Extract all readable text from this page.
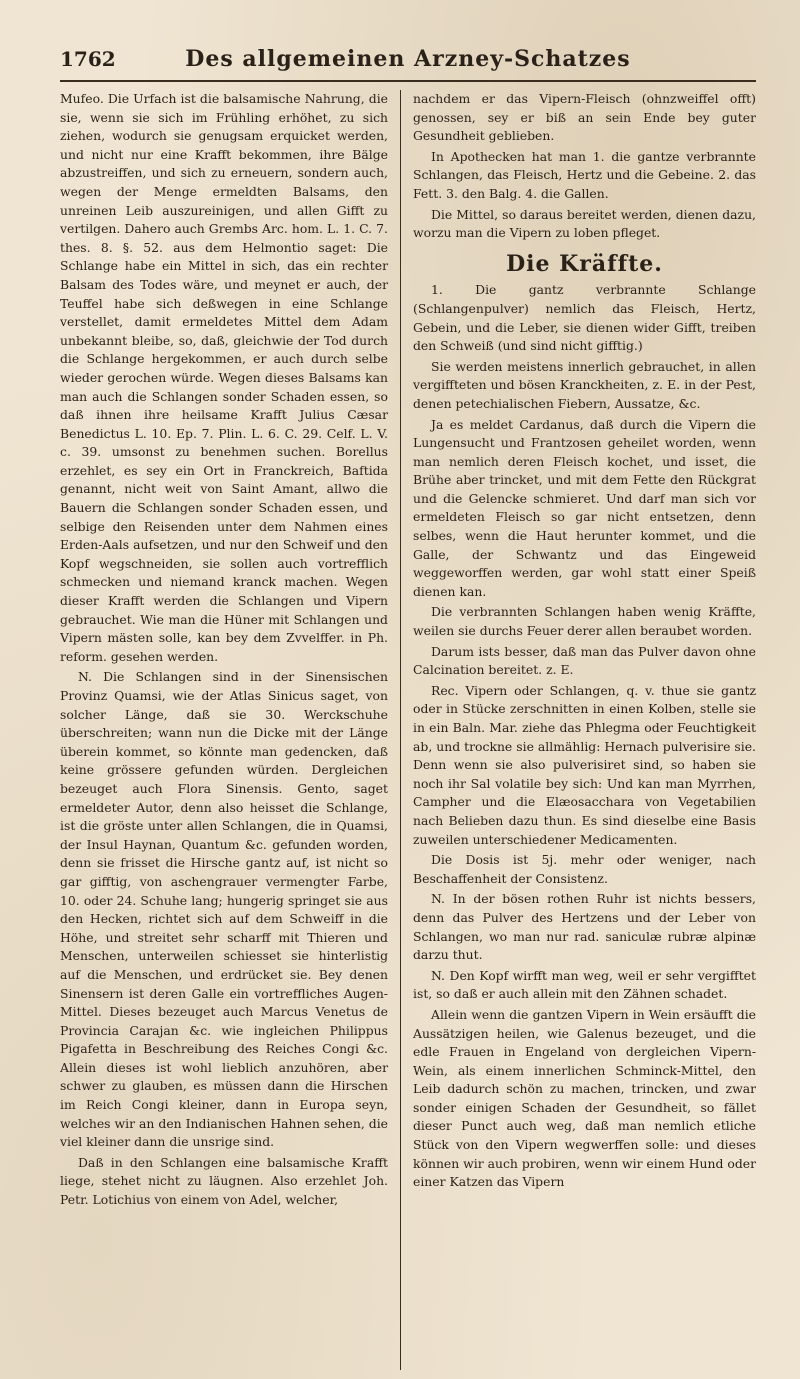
1762	Des allgemeinen Arzney-Schatzes

Mufeo. Die Urfach ist die balsamische Nahrung, die sie, wenn sie sich im Frühling erhöhet, zu sich ziehen, wodurch sie genugsam erquicket werden, und nicht nur eine Krafft bekommen, ihre Bälge abzustreiffen, und sich zu erneuern, sondern auch, wegen der Menge ermeldten Balsams, den unreinen Leib auszureinigen, und allen Gifft zu vertilgen. Dahero auch Grembs Arc. hom. L. 1. C. 7. thes. 8. §. 52. aus dem Helmontio saget: Die Schlange habe ein Mittel in sich, das ein rechter Balsam des Todes wäre, und meynet er auch, der Teuffel habe sich deßwegen in eine Schlange verstellet, damit ermeldetes Mittel dem Adam unbekannt bleibe, so, daß, gleichwie der Tod durch die Schlange hergekommen, er auch durch selbe wieder gerochen würde. Wegen dieses Balsams kan man auch die Schlangen sonder Schaden essen, so daß ihnen ihre heilsame Krafft Julius Cæsar Benedictus L. 10. Ep. 7. Plin. L. 6. C. 29. Celf. L. V. c. 39. umsonst zu benehmen suchen. Borellus erzehlet, es sey ein Ort in Franckreich, Baftida genannt, nicht weit von Saint Amant, allwo die Bauern die Schlangen sonder Schaden essen, und selbige den Reisenden unter dem Nahmen eines Erden-Aals aufsetzen, und nur den Schweif und den Kopf wegschneiden, sie sollen auch vortrefflich schmecken und niemand kranck machen. Wegen dieser Krafft werden die Schlangen und Vipern gebrauchet. Wie man die Hüner mit Schlangen und Vipern mästen solle, kan bey dem Zvvelffer. in Ph. reform. gesehen werden.

N. Die Schlangen sind in der Sinensischen Provinz Quamsi, wie der Atlas Sinicus saget, von solcher Länge, daß sie 30. Werckschuhe überschreiten; wann nun die Dicke mit der Länge überein kommet, so könnte man gedencken, daß keine grössere gefunden würden. Dergleichen bezeuget auch Flora Sinensis. Gento, saget ermeldeter Autor, denn also heisset die Schlange, ist die gröste unter allen Schlangen, die in Quamsi, der Insul Haynan, Quantum &c. gefunden worden, denn sie frisset die Hirsche gantz auf, ist nicht so gar gifftig, von aschengrauer vermengter Farbe, 10. oder 24. Schuhe lang; hungerig springet sie aus den Hecken, richtet sich auf dem Schweiff in die Höhe, und streitet sehr scharff mit Thieren und Menschen, unterweilen schiesset sie hinterlistig auf die Menschen, und erdrücket sie. Bey denen Sinensern ist deren Galle ein vortreffliches Augen-Mittel. Dieses bezeuget auch Marcus Venetus de Provincia Carajan &c. wie ingleichen Philippus Pigafetta in Beschreibung des Reiches Congi &c. Allein dieses ist wohl lieblich anzuhören, aber schwer zu glauben, es müssen dann die Hirschen im Reich Congi kleiner, dann in Europa seyn, welches wir an den Indianischen Hahnen sehen, die viel kleiner dann die unsrige sind.

Daß in den Schlangen eine balsamische Krafft liege, stehet nicht zu läugnen. Also erzehlet Joh. Petr. Lotichius von einem von Adel, welcher,

nachdem er das Vipern-Fleisch (ohnzweiffel offt) genossen, sey er biß an sein Ende bey guter Gesundheit geblieben.

In Apothecken hat man 1. die gantze verbrannte Schlangen, das Fleisch, Hertz und die Gebeine. 2. das Fett. 3. den Balg. 4. die Gallen.

Die Mittel, so daraus bereitet werden, dienen dazu, worzu man die Vipern zu loben pfleget.

Die Kräffte.

1. Die gantz verbrannte Schlange (Schlangenpulver) nemlich das Fleisch, Hertz, Gebein, und die Leber, sie dienen wider Gifft, treiben den Schweiß (und sind nicht gifftig.)

Sie werden meistens innerlich gebrauchet, in allen vergiffteten und bösen Kranckheiten, z. E. in der Pest, denen petechialischen Fiebern, Aussatze, &c.

Ja es meldet Cardanus, daß durch die Vipern die Lungensucht und Frantzosen geheilet worden, wenn man nemlich deren Fleisch kochet, und isset, die Brühe aber trincket, und mit dem Fette den Rückgrat und die Gelencke schmieret. Und darf man sich vor ermeldeten Fleisch so gar nicht entsetzen, denn selbes, wenn die Haut herunter kommet, und die Galle, der Schwantz und das Eingeweid weggeworffen werden, gar wohl statt einer Speiß dienen kan.

Die verbrannten Schlangen haben wenig Kräffte, weilen sie durchs Feuer derer allen beraubet worden.

Darum ists besser, daß man das Pulver davon ohne Calcination bereitet. z. E.

Rec. Vipern oder Schlangen, q. v. thue sie gantz oder in Stücke zerschnitten in einen Kolben, stelle sie in ein Baln. Mar. ziehe das Phlegma oder Feuchtigkeit ab, und trockne sie allmählig: Hernach pulverisire sie. Denn wenn sie also pulverisiret sind, so haben sie noch ihr Sal volatile bey sich: Und kan man Myrrhen, Campher und die Elæosacchara von Vegetabilien nach Belieben dazu thun. Es sind dieselbe eine Basis zuweilen unterschiedener Medicamenten.

Die Dosis ist 5j. mehr oder weniger, nach Beschaffenheit der Consistenz.

N. In der bösen rothen Ruhr ist nichts bessers, denn das Pulver des Hertzens und der Leber von Schlangen, wo man nur rad. saniculæ rubræ alpinæ darzu thut.

N. Den Kopf wirfft man weg, weil er sehr vergifftet ist, so daß er auch allein mit den Zähnen schadet.

Allein wenn die gantzen Vipern in Wein ersäufft die Aussätzigen heilen, wie Galenus bezeuget, und die edle Frauen in Engeland von dergleichen Vipern-Wein, als einem innerlichen Schminck-Mittel, den Leib dadurch schön zu machen, trincken, und zwar sonder einigen Schaden der Gesundheit, so fället dieser Punct auch weg, daß man nemlich etliche Stück von den Vipern wegwerffen solle: und dieses können wir auch probiren, wenn wir einem Hund oder einer Katzen das Vipern
